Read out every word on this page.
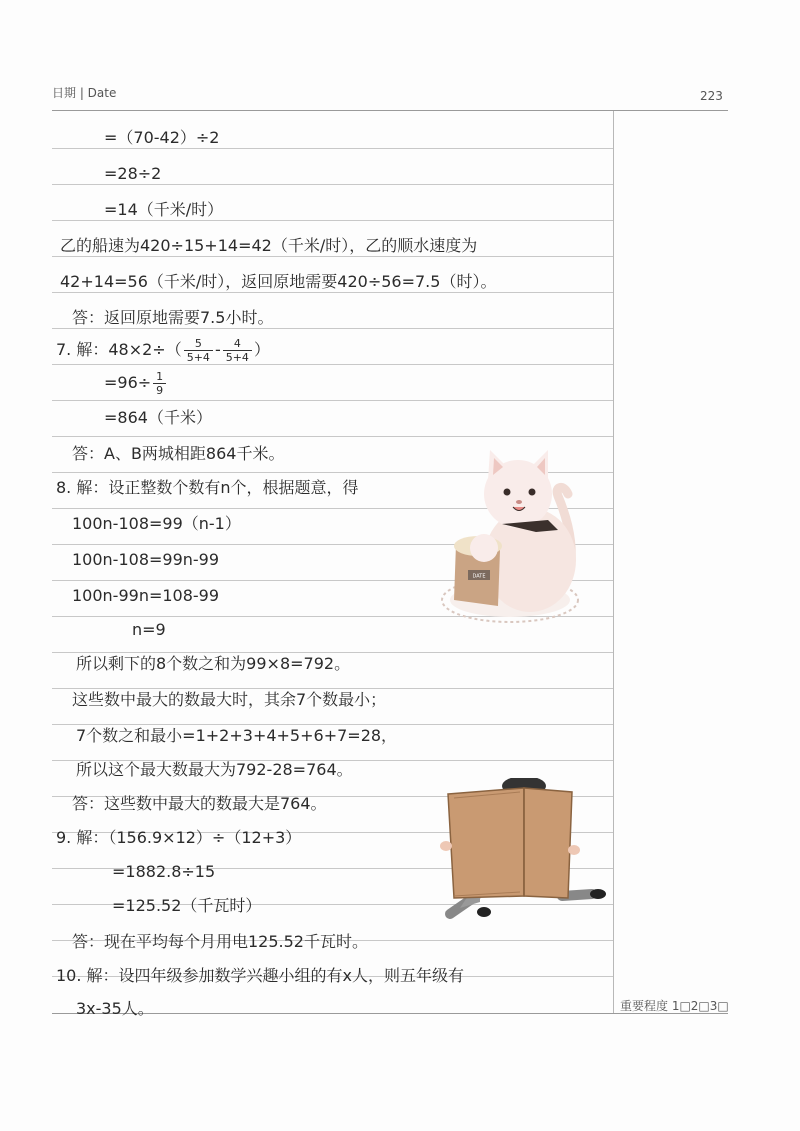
日期 | Date	223
重要程度 1□2□3□
=（70-42）÷2
=28÷2
=14（千米/时）
乙的船速为420÷15+14=42（千米/时），乙的顺水速度为
42+14=56（千米/时），返回原地需要420÷56=7.5（时）。
答：返回原地需要7.5小时。
7. 解：$48\times 2\div( \frac{5}{5+4} - \frac{4}{5+4}$ ）
$=96\div \frac{1}{9}$
=864（千米）
答：A、B两城相距864千米。
8. 解：设正整数个数有n个，根据题意，得
100n-108=99（n-1）
100n-108=99n-99
100n-99n=108-99
n=9
所以剩下的8个数之和为99×8=792。
这些数中最大的数最大时，其余7个数最小；
7个数之和最小=1+2+3+4+5+6+7=28，
所以这个最大数最大为792-28=764。
答：这些数中最大的数最大是764。
9. 解：（156.9×12）÷（12+3）
=1882.8÷15
=125.52（千瓦时）
答：现在平均每个月用电125.52千瓦时。
10. 解：设四年级参加数学兴趣小组的有x人，则五年级有
3x-35人。
DATE
